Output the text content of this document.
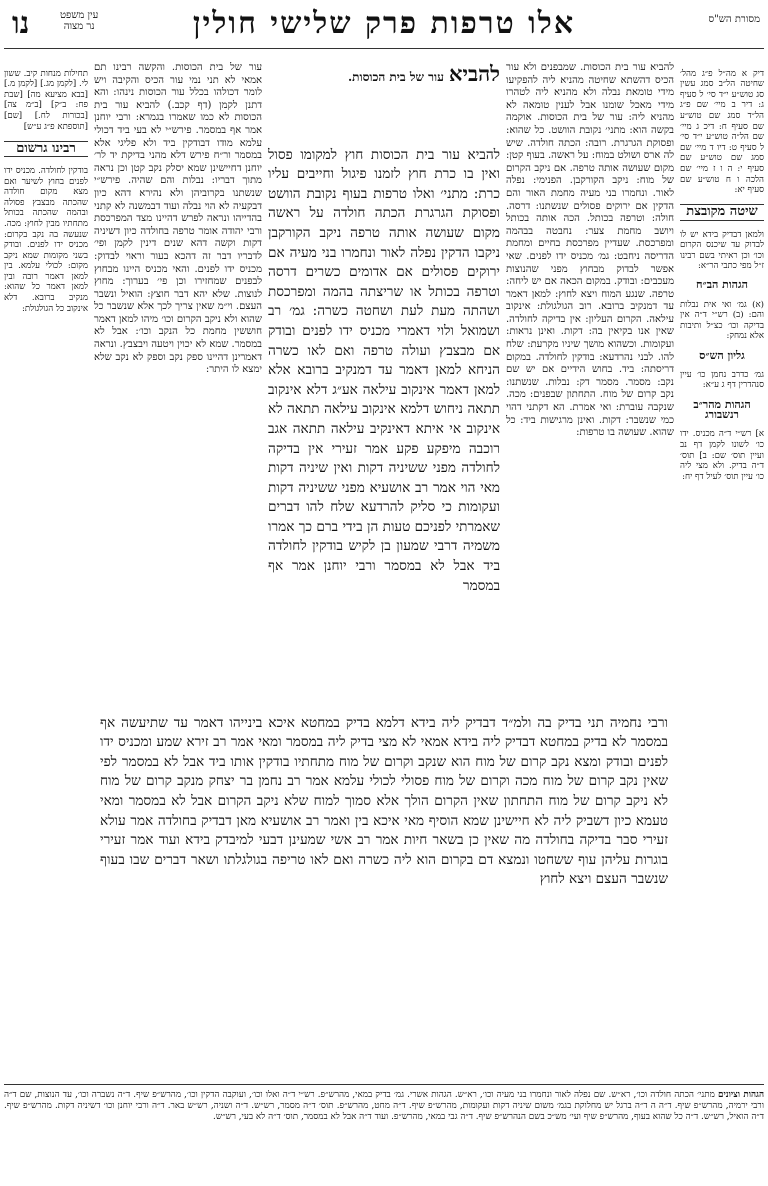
מסורת הש"ס
אלו טרפות פרק שלישי חולין
עין משפט
נר מצוה
נו

דיק א מה״ל פ״ג מהל׳ שחיטה הל״ב סמג עשין סג טוש״ע י״ד סי׳ ל סעיף ג: דיר ב מיי׳ שם פ״ג הל״ד סמג שם טוש״ע שם סעיף ח: דיכ ג מיי׳ שם הל״ה טוש״ע י״ד סי׳ ל סעיף ט: דיו ד מיי׳ שם סמג שם טוש״ע שם סעיף י: ה ו ז מיי׳ שם הלכה ו ח טוש״ע שם סעיף יא:

שיטה מקובצת

ולמאן דבדיק בידא יש לו לבדוק עד שיכנס הקרום וכו׳ וכן ראיתי בשם רבינו ז״ל מפי כתבי הר״א:

הגהות הב״ח

(א) גמ׳ ואי אית נבלות והם: (ב) רש״י ד״ה אין בדיקה וכו׳ כצ״ל ותיבות אלא נמחק:

גליון הש״ס

גמ׳ כדרב נחמן כו׳ עיין סנהדרין דף ג ע״א:

הגהות מהר״ב רנשבורג

א] רש״י ד״ה מכניס. ידו כו׳ לשונו לקמן דף נב ועיין תוס׳ שם: ב] תוס׳ ד״ה בדיק. ולא מצי ליה כו׳ עיין תוס׳ לעיל דף יח:

תחילות מנחות קיב. ששון לי. [לקמן מג.] [לקמן מ.] [בבא מציעא מה] [שבת פח: ב״ק] [ב״מ צה] [בכורות לח.] [שם] [תוספתא פ״ג ע״ש]

רבינו גרשום

בודקין לחולדה. מכניס ידו לפנים בחוץ לשיער ואם מצא מקום חולדה שהכתה מבצבץ פסולה ובהמה שהכתה בכותל מתחתיו מבין לחוץ: מכה. שנעשה בה נקב בקרום: מכניס ידו לפנים. ובודק בשני מקומות שמא ניקב מקום: לכולי עלמא. בין למאן דאמר רובה ובין למאן דאמר כל שהוא: מנקיב ברובא. דלא אינקוב כל הגולגולת:

להביא עור בית הכוסות. שמבפנים ולא עור הכיס דהשתא שחיטה מהניא ליה להפקיעו מידי טומאת נבלה ולא מהניא ליה לטהרו מידי מאכל שומנו אבל לענין טומאה לא מהניא ליה: עור של בית הכוסות. אוקמה בקשה הוא: מתני׳ נקובת הוושט. כל שהוא: ופסוקת הגרגרת. רובה: הכתה חולדה. שיש לה ארס ושולט במוח: על ראשה. בעוף קטן: מקום שעושה אותה טרפה. אם ניקב הקרום של מוח: ניקב הקורקבן. הפנימי: נפלה לאור. ונחמרו בני מעיה מחמת האור והם הדקין אם ירוקים פסולים שנשתנו: דרסה. חולה: וטרפה בכותל. הכה אותה בכותל ויושב מחמת צער: נחבטה בבהמה ומפרכסת. שעדיין מפרכסת בחיים ומחמת הדריסה ניחבט: גמ׳ מכניס ידו לפנים. שאי אפשר לבדוק מבחוץ מפני שהנוצות מעכבים: ובודק. במקום הכאה אם יש ליחה: טרפה. שנגע המוח ויצא לחוץ: למאן דאמר עד דמנקיב ברובא. רוב הגולגולת: אינקוב עילאה. הקרום העליון: אין בדיקה לחולדה. שאין אנו בקיאין בה: דקות. ואינן נראות: ועקומות. וכשהוא מושך שיניו מקרעת: שלח להו. לבני נהרדעא: בודקין לחולדה. במקום דריסתה: ביד. בחוש הידיים אם יש שם נקב: מסמר. מסמר דק: נבלות. שנשתנו: נקב קרום של מוח. התחתון שבפנים: מכה. שנקבה עוברת: ואי אמרת. הא דקתני דהוי כמי שנשבר: דקות. ואינן מרגישות ביד: כל שהוא. שעושה בו טרפות:

עור של בית הכוסות. והקשה רבינו תם אמאי לא תני נמי עור הכיס והקיבה ויש לומר דכולהו בכלל עור הכוסות נינהו: והא דתנן לקמן (דף קכב.) להביא עור בית הכוסות לא כמו שאמרו בגמרא: ורבי יוחנן אמר אף במסמר. פירש״י לא בעי ביד דכולי עלמא מודו דבודקין ביד ולא פליגי אלא במסמר ור״ח פירש דלא מהני בדיקת יד לר׳ יוחנן דחיישינן שמא יסלק נקב קטן וכן נראה מתוך דבריו: נבלות והם שהיה. פירש״י שנשתנו בקרוביהן ולא נהירא דהא כיון דבקעיה לא הוי נבלה ועוד דבמשנה לא קתני בהדייהו ונראה לפרש דהיינו מצד המפרכסת ורבי יהודה אומר טרפה בחולדה כיון דשיניה דקות וקשה דהא שנים דינין לקמן ופי׳ לדבריו דבר זה דהכא בעור וראוי לבדוק: מכניס ידו לפנים. והאי מכניס היינו מבחוץ לבפנים שמחזירו וכן פי׳ בערוך: מחוץ לנוצות. שלא יהא דבר חוצץ: הואיל ונשבר העצם. וי״מ שאין צריך לכך אלא שנשבר כל שהוא ולא ניקב הקרום וכו׳ מיהו למאן דאמר חוששין מחמת כל הנקב וכו׳: אבל לא במסמר. שמא לא יכוין ויטעה ויבצבץ. ונראה דאמרינן דהיינו ספק נקב וספק לא נקב שלא ימצא לו היתר:

להביא עור של בית הכוסות.

להביא עור בית הכוסות חוץ למקומו פסול ואין בו כרת חוץ לזמנו פיגול וחייבים עליו כרת: מתני׳ ואלו טרפות בעוף נקובת הוושט ופסוקת הגרגרת הכתה חולדה על ראשה מקום שעושה אותה טרפה ניקב הקורקבן ניקבו הדקין נפלה לאור ונחמרו בני מעיה אם ירוקים פסולים אם אדומים כשרים דרסה וטרפה בכותל או שריצתה בהמה ומפרכסת ושהתה מעת לעת ושחטה כשרה: גמ׳ רב ושמואל ולוי דאמרי מכניס ידו לפנים ובודק אם מבצבץ ועולה טרפה ואם לאו כשרה הניחא למאן דאמר עד דמנקיב ברובא אלא למאן דאמר אינקוב עילאה אע״ג דלא אינקוב תתאה ניחוש דלמא אינקוב עילאה תתאה לא אינקוב אי איתא דאינקיב עילאה תתאה אגב רוכבה מיפקע פקע אמר זעירי אין בדיקה לחולדה מפני ששיניה דקות ואין שיניה דקות מאי הוי אמר רב אושעיא מפני ששיניה דקות ועקומות כי סליק להרדעא שלח להו דברים שאמרתי לפניכם טעות הן בידי ברם כך אמרו משמיה דרבי שמעון בן לקיש בודקין לחולדה ביד אבל לא במסמר ורבי יוחנן אמר אף במסמר

ורבי נחמיה תני בדיק בה ולמ״ד דבדיק ליה בידא דלמא בדיק במחטא איכא בינייהו דאמר עד שתיעשה אף במסמר לא בדיק במחטא דבדיק ליה בידא אמאי לא מצי בדיק ליה במסמר ומאי אמר רב זירא שמע ומכניס ידו לפנים ובודק ומצא נקב קרום של מוח הוא שנקב וקרום של מוח מתחתיו בודקין אותו ביד אבל לא במסמר לפי שאין נקב קרום של מוח מכה וקרום של מוח פסולי לכולי עלמא אמר רב נחמן בר יצחק מנקב קרום של מוח לא ניקב קרום של מוח התחתון שאין הקרום הולך אלא סמוך למוח שלא ניקב הקרום אבל לא במסמר ומאי טעמא כיון דשביק ליה לא חיישינן שמא הוסיף מאי איכא בין ואמר רב אושעיא מאן דבדיק בחולדה אמר עולא זעירי סבר בדיקה בחולדה מה שאין כן בשאר חיות אמר רב אשי שמעינן דבעי למיבדק בידא ועוד אמר זעירי בוגרות עליהן עוף ששחטו ונמצא דם בקרום הוא ליה כשרה ואם לאו טריפה בגולגלתו ושאר דברים שבו בעוף שנשבר העצם ויצא לחוץ

הגהות וציונים מתני׳ הכתה חולדה וכו׳, רא״ש. שם נפלה לאור ונחמרו בני מעיה וכו׳, רא״ש. הגהות אשרי. גמ׳ בדיק במאי, מהרש״פ. רש״י ד״ה ואלו וכו׳, ועוקבה הדקין וכו׳, מהרש״פ שיף. ד״ה נשברה וכו׳, עד הנוצות, שם ד״ה ורבי ירמיה, מהרש״פ שיף. ד״ה ה ד״ה ברגל יש מחלוקת בגמ׳ משום שיניה דקות ועקומות, מהרש״פ שיף. ד״ה מחט, מהרש״פ. תוס׳ ד״ה מסמר, רש״ש. ד״ה ושניה, רש״ש באר. ד״ה ורבי יוחנן וכו׳ דשיניה דקות. מהרש״פ שיף. ד״ה הואיל, רש״ש. ד״ה כל שהוא בעוף, מהרש״פ שיף ועי׳ מש״כ בשם הנהרש״פ שיף. ד״ה גבי במאי, מהרש״פ. ועוד ד״ה אבל לא במסמר, תוס׳ ד״ה לא בעי, רש״ש.
